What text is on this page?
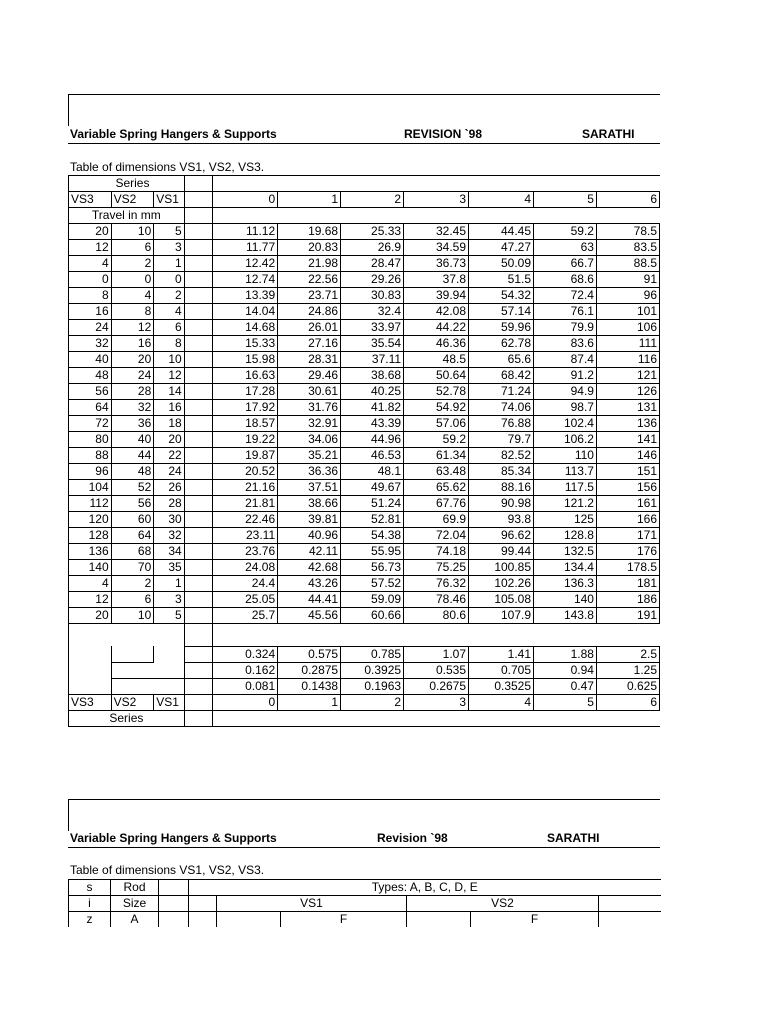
Variable Spring Hangers & Supports	REVISION `98	SARATHI
Table of dimensions VS1, VS2, VS3.
	Series									
VS3	VS2	VS1		0	1	2	3	4	5	6
Travel in mm										
20	10	5		11.12	19.68	25.33	32.45	44.45	59.2	78.5
12	6	3		11.77	20.83	26.9	34.59	47.27	63	83.5
4	2	1		12.42	21.98	28.47	36.73	50.09	66.7	88.5
0	0	0		12.74	22.56	29.26	37.8	51.5	68.6	91
8	4	2		13.39	23.71	30.83	39.94	54.32	72.4	96
16	8	4		14.04	24.86	32.4	42.08	57.14	76.1	101
24	12	6		14.68	26.01	33.97	44.22	59.96	79.9	106
32	16	8		15.33	27.16	35.54	46.36	62.78	83.6	111
40	20	10		15.98	28.31	37.11	48.5	65.6	87.4	116
48	24	12		16.63	29.46	38.68	50.64	68.42	91.2	121
56	28	14		17.28	30.61	40.25	52.78	71.24	94.9	126
64	32	16		17.92	31.76	41.82	54.92	74.06	98.7	131
72	36	18		18.57	32.91	43.39	57.06	76.88	102.4	136
80	40	20		19.22	34.06	44.96	59.2	79.7	106.2	141
88	44	22		19.87	35.21	46.53	61.34	82.52	110	146
96	48	24		20.52	36.36	48.1	63.48	85.34	113.7	151
104	52	26		21.16	37.51	49.67	65.62	88.16	117.5	156
112	56	28		21.81	38.66	51.24	67.76	90.98	121.2	161
120	60	30		22.46	39.81	52.81	69.9	93.8	125	166
128	64	32		23.11	40.96	54.38	72.04	96.62	128.8	171
136	68	34		23.76	42.11	55.95	74.18	99.44	132.5	176
140	70	35		24.08	42.68	56.73	75.25	100.85	134.4	178.5
4	2	1		24.4	43.26	57.52	76.32	102.26	136.3	181
12	6	3		25.05	44.41	59.09	78.46	105.08	140	186
20	10	5		25.7	45.56	60.66	80.6	107.9	143.8	191

				0.324	0.575	0.785	1.07	1.41	1.88	2.5
				0.162	0.2875	0.3925	0.535	0.705	0.94	1.25
				0.081	0.1438	0.1963	0.2675	0.3525	0.47	0.625
VS3	VS2	VS1		0	1	2	3	4	5	6
Series										
Variable Spring Hangers & Supports	Revision `98	SARATHI
Table of dimensions VS1, VS2, VS3.
s	Rod		Types: A, B, C, D, E					
i	Size			VS1		VS2		
z	A				F		F	
